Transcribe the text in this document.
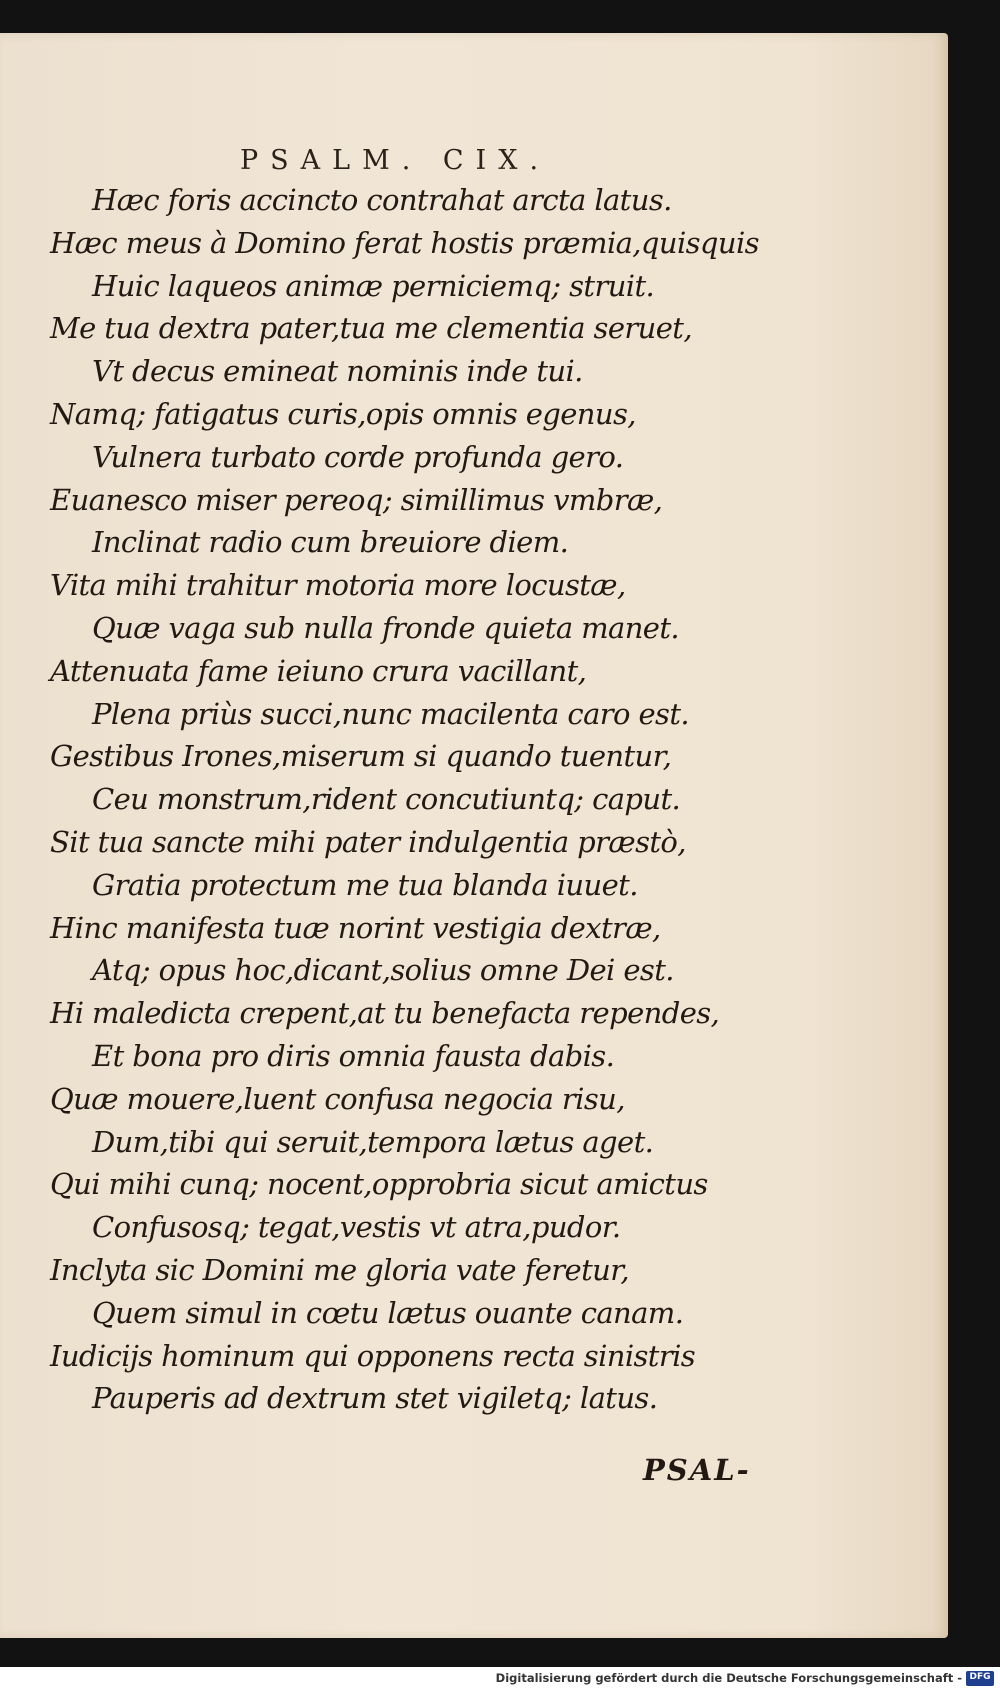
PSALM. CIX.
Hæc foris accincto contrahat arcta latus.
Hæc meus à Domino ferat hostis præmia,quisquis
Huic laqueos animæ perniciemq; struit.
Me tua dextra pater,tua me clementia seruet,
Vt decus emineat nominis inde tui.
Namq; fatigatus curis,opis omnis egenus,
Vulnera turbato corde profunda gero.
Euanesco miser pereoq; simillimus vmbræ,
Inclinat radio cum breuiore diem.
Vita mihi trahitur motoria more locustæ,
Quæ vaga sub nulla fronde quieta manet.
Attenuata fame ieiuno crura vacillant,
Plena priùs succi,nunc macilenta caro est.
Gestibus Irones,miserum si quando tuentur,
Ceu monstrum,rident concutiuntq; caput.
Sit tua sancte mihi pater indulgentia præstò,
Gratia protectum me tua blanda iuuet.
Hinc manifesta tuæ norint vestigia dextræ,
Atq; opus hoc,dicant,solius omne Dei est.
Hi maledicta crepent,at tu benefacta rependes,
Et bona pro diris omnia fausta dabis.
Quæ mouere,luent confusa negocia risu,
Dum,tibi qui seruit,tempora lætus aget.
Qui mihi cunq; nocent,opprobria sicut amictus
Confusosq; tegat,vestis vt atra,pudor.
Inclyta sic Domini me gloria vate feretur,
Quem simul in cœtu lætus ouante canam.
Iudicijs hominum qui opponens recta sinistris
Pauperis ad dextrum stet vigiletq; latus.
PSAL-
Digitalisierung gefördert durch die Deutsche Forschungsgemeinschaft -
DFG
